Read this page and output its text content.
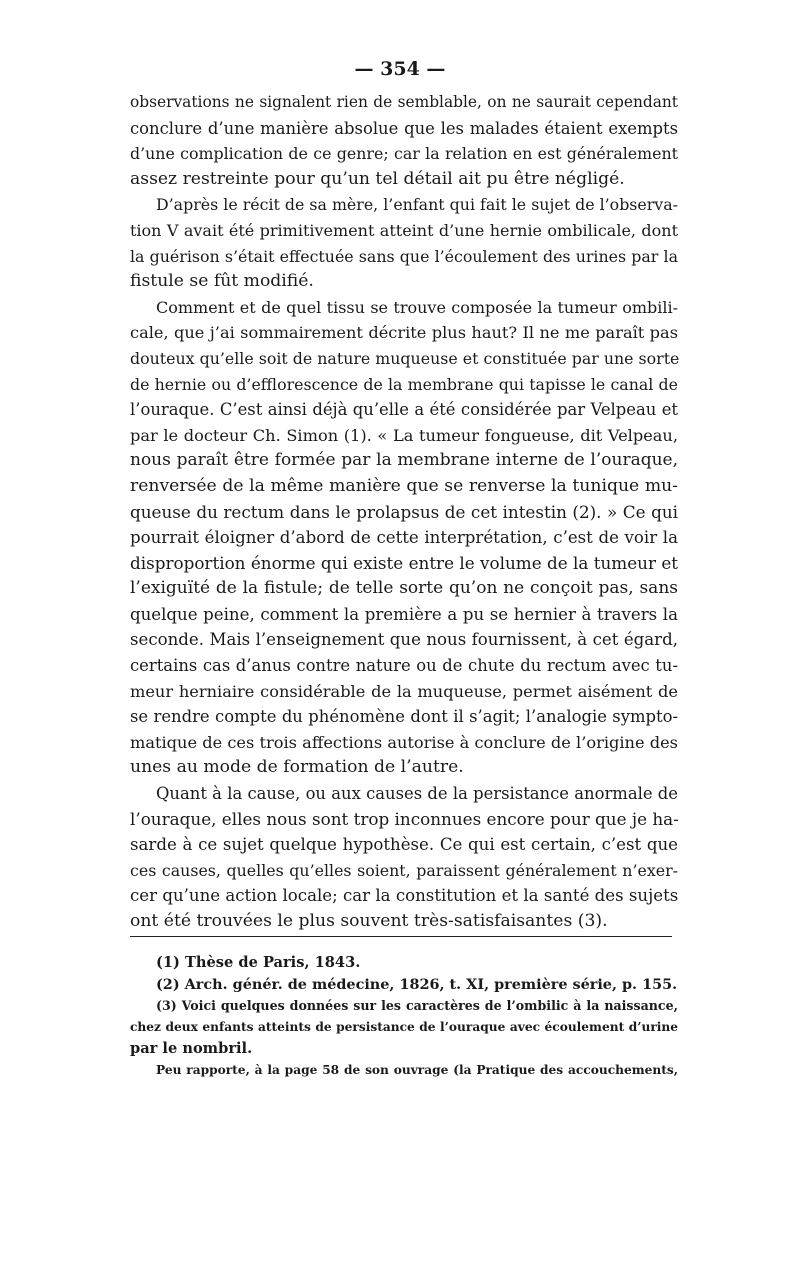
— 354 —
observations ne signalent rien de semblable, on ne saurait cependant
conclure d’une manière absolue que les malades étaient exempts
d’une complication de ce genre; car la relation en est généralement
assez restreinte pour qu’un tel détail ait pu être négligé.
D’après le récit de sa mère, l’enfant qui fait le sujet de l’observa-
tion V avait été primitivement atteint d’une hernie ombilicale, dont
la guérison s’était effectuée sans que l’écoulement des urines par la
fistule se fût modifié.
Comment et de quel tissu se trouve composée la tumeur ombili-
cale, que j’ai sommairement décrite plus haut? Il ne me paraît pas
douteux qu’elle soit de nature muqueuse et constituée par une sorte
de hernie ou d’efflorescence de la membrane qui tapisse le canal de
l’ouraque. C’est ainsi déjà qu’elle a été considérée par Velpeau et
par le docteur Ch. Simon (1). « La tumeur fongueuse, dit Velpeau,
nous paraît être formée par la membrane interne de l’ouraque,
renversée de la même manière que se renverse la tunique mu-
queuse du rectum dans le prolapsus de cet intestin (2). » Ce qui
pourrait éloigner d’abord de cette interprétation, c’est de voir la
disproportion énorme qui existe entre le volume de la tumeur et
l’exiguïté de la fistule; de telle sorte qu’on ne conçoit pas, sans
quelque peine, comment la première a pu se hernier à travers la
seconde. Mais l’enseignement que nous fournissent, à cet égard,
certains cas d’anus contre nature ou de chute du rectum avec tu-
meur herniaire considérable de la muqueuse, permet aisément de
se rendre compte du phénomène dont il s’agit; l’analogie sympto-
matique de ces trois affections autorise à conclure de l’origine des
unes au mode de formation de l’autre.
Quant à la cause, ou aux causes de la persistance anormale de
l’ouraque, elles nous sont trop inconnues encore pour que je ha-
sarde à ce sujet quelque hypothèse. Ce qui est certain, c’est que
ces causes, quelles qu’elles soient, paraissent généralement n’exer-
cer qu’une action locale; car la constitution et la santé des sujets
ont été trouvées le plus souvent très-satisfaisantes (3).
(1) Thèse de Paris, 1843.
(2) Arch. génér. de médecine, 1826, t. XI, première série, p. 155.
(3) Voici quelques données sur les caractères de l’ombilic à la naissance,
chez deux enfants atteints de persistance de l’ouraque avec écoulement d’urine
par le nombril.
Peu rapporte, à la page 58 de son ouvrage (la Pratique des accouchements,
